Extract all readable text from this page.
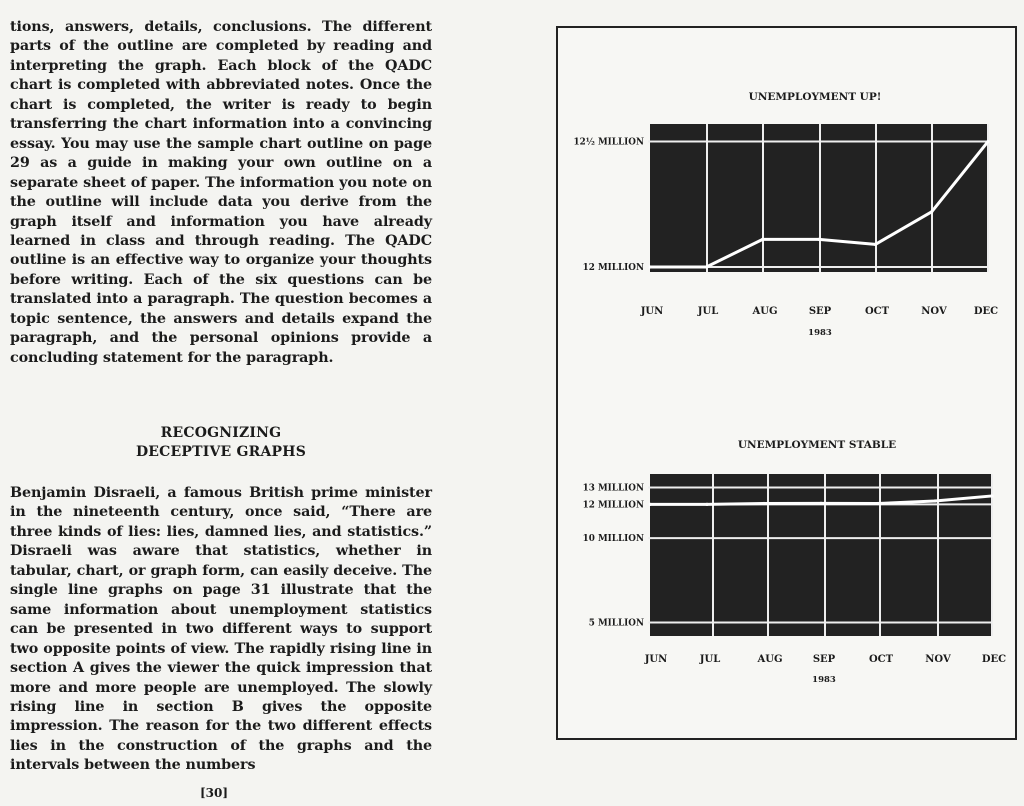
tions, answers, details, conclusions. The different parts of the outline are completed by reading and interpreting the graph. Each block of the QADC chart is completed with abbreviated notes. Once the chart is completed, the writer is ready to begin transferring the chart information into a convincing essay. You may use the sample chart outline on page 29 as a guide in making your own outline on a separate sheet of paper. The information you note on the outline will include data you derive from the graph itself and information you have already learned in class and through reading. The QADC outline is an effective way to organize your thoughts before writing. Each of the six questions can be translated into a paragraph. The question becomes a topic sentence, the answers and details expand the paragraph, and the personal opinions provide a concluding statement for the paragraph.

RECOGNIZING
DECEPTIVE GRAPHS

Benjamin Disraeli, a famous British prime minister in the nineteenth century, once said, “There are three kinds of lies: lies, damned lies, and statistics.” Disraeli was aware that statistics, whether in tabular, chart, or graph form, can easily deceive. The single line graphs on page 31 illustrate that the same information about unemployment statistics can be presented in two different ways to support two opposite points of view. The rapidly rising line in section A gives the viewer the quick impression that more and more people are unemployed. The slowly rising line in section B gives the opposite impression. The reason for the two different effects lies in the construction of the graphs and the intervals between the numbers

[30]
UNEMPLOYMENT UP!
12½ MILLION
12 MILLION
JUN	JUL	AUG	SEP	OCT	NOV	DEC
1983
UNEMPLOYMENT STABLE
13 MILLION
12 MILLION
10 MILLION
5 MILLION
JUN	JUL	AUG	SEP	OCT	NOV	DEC
1983
